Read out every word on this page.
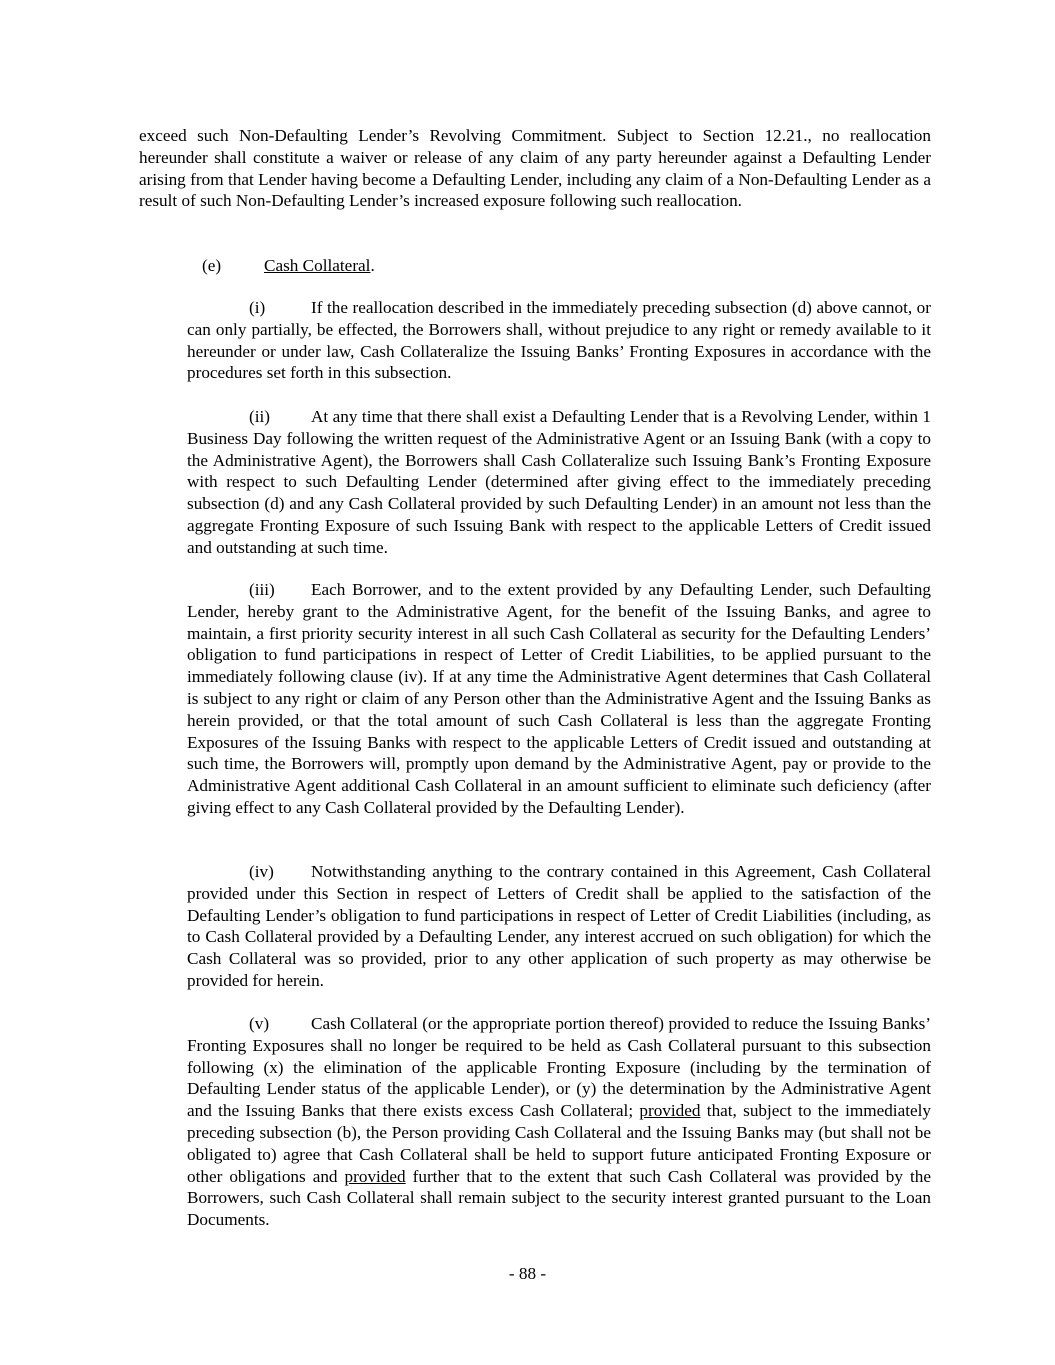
exceed such Non-Defaulting Lender’s Revolving Commitment. Subject to Section 12.21., no reallocation hereunder shall constitute a waiver or release of any claim of any party hereunder against a Defaulting Lender arising from that Lender having become a Defaulting Lender, including any claim of a Non-Defaulting Lender as a result of such Non-Defaulting Lender’s increased exposure following such reallocation.

(e) Cash Collateral.

(i)	If the reallocation described in the immediately preceding subsection (d) above cannot, or can only partially, be effected, the Borrowers shall, without prejudice to any right or remedy available to it hereunder or under law, Cash Collateralize the Issuing Banks’ Fronting Exposures in accordance with the procedures set forth in this subsection.

(ii) At any time that there shall exist a Defaulting Lender that is a Revolving Lender, within 1 Business Day following the written request of the Administrative Agent or an Issuing Bank (with a copy to the Administrative Agent), the Borrowers shall Cash Collateralize such Issuing Bank’s Fronting Exposure with respect to such Defaulting Lender (determined after giving effect to the immediately preceding subsection (d) and any Cash Collateral provided by such Defaulting Lender) in an amount not less than the aggregate Fronting Exposure of such Issuing Bank with respect to the applicable Letters of Credit issued and outstanding at such time.

(iii) Each Borrower, and to the extent provided by any Defaulting Lender, such Defaulting Lender, hereby grant to the Administrative Agent, for the benefit of the Issuing Banks, and agree to maintain, a first priority security interest in all such Cash Collateral as security for the Defaulting Lenders’ obligation to fund participations in respect of Letter of Credit Liabilities, to be applied pursuant to the immediately following clause (iv). If at any time the Administrative Agent determines that Cash Collateral is subject to any right or claim of any Person other than the Administrative Agent and the Issuing Banks as herein provided, or that the total amount of such Cash Collateral is less than the aggregate Fronting Exposures of the Issuing Banks with respect to the applicable Letters of Credit issued and outstanding at such time, the Borrowers will, promptly upon demand by the Administrative Agent, pay or provide to the Administrative Agent additional Cash Collateral in an amount sufficient to eliminate such deficiency (after giving effect to any Cash Collateral provided by the Defaulting Lender).

(iv) Notwithstanding anything to the contrary contained in this Agreement, Cash Collateral provided under this Section in respect of Letters of Credit shall be applied to the satisfaction of the Defaulting Lender’s obligation to fund participations in respect of Letter of Credit Liabilities (including, as to Cash Collateral provided by a Defaulting Lender, any interest accrued on such obligation) for which the Cash Collateral was so provided, prior to any other application of such property as may otherwise be provided for herein.

(v) Cash Collateral (or the appropriate portion thereof) provided to reduce the Issuing Banks’ Fronting Exposures shall no longer be required to be held as Cash Collateral pursuant to this subsection following (x) the elimination of the applicable Fronting Exposure (including by the termination of Defaulting Lender status of the applicable Lender), or (y) the determination by the Administrative Agent and the Issuing Banks that there exists excess Cash Collateral; provided that, subject to the immediately preceding subsection (b), the Person providing Cash Collateral and the Issuing Banks may (but shall not be obligated to) agree that Cash Collateral shall be held to support future anticipated Fronting Exposure or other obligations and provided further that to the extent that such Cash Collateral was provided by the Borrowers, such Cash Collateral shall remain subject to the security interest granted pursuant to the Loan Documents.

- 88 -
